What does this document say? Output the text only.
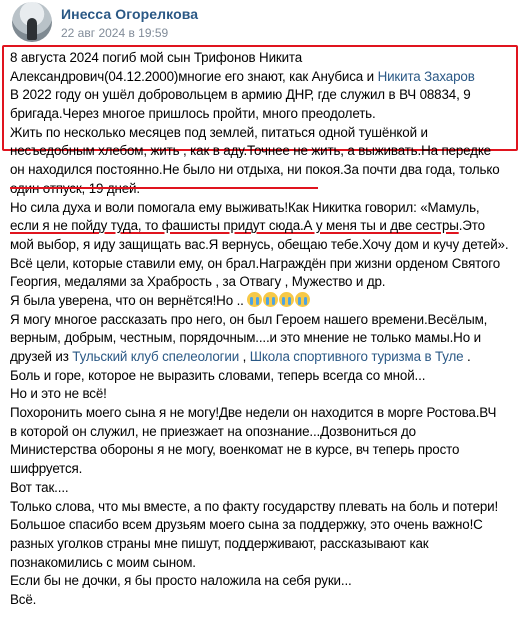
Инесса Огорелкова
22 авг 2024 в 19:59
8 августа 2024 погиб мой сын Трифонов Никита
Александрович(04.12.2000)многие его знают, как Анубиса и Никита Захаров
В 2022 году он ушёл добровольцем в армию ДНР, где служил в ВЧ 08834, 9
бригада.Через многое пришлось пройти, много преодолеть.
Жить по несколько месяцев под землей, питаться одной тушёнкой и
несъедобным хлебом, жить , как в аду.Точнее не жить, а выживать.На передке
он находился постоянно.Не было ни отдыха, ни покоя.За почти два года, только
Но сила духа и воли помогала ему выживать!Как Никитка говорил: «Мамуль,
если я не пойду туда, то фашисты придут сюда.А у меня ты и две сестры.Это
мой выбор, я иду защищать вас.Я вернусь, обещаю тебе.Хочу дом и кучу детей».
Всё цели, которые ставили ему, он брал.Награждён при жизни орденом Святого
Георгия, медалями за Храбрость , за Отвагу , Мужество и др.
Я была уверена, что он вернётся!Но ..
Я могу многое рассказать про него, он был Героем нашего времени.Весёлым,
верным, добрым, честным, порядочным....и это мнение не только мамы.Но и
друзей из Тульский клуб спелеологии , Школа спортивного туризма в Туле .
Боль и горе, которое не выразить словами, теперь всегда со мной...
Но и это не всё!
Похоронить моего сына я не могу!Две недели он находится в морге Ростова.ВЧ
в которой он служил, не приезжает на опознание...Дозвониться до
Министерства обороны я не могу, военкомат не в курсе, вч теперь просто
шифруется.
Вот так....
Только слова, что мы вместе, а по факту государству плевать на боль и потери!
Большое спасибо всем друзьям моего сына за поддержку, это очень важно!С
разных уголков страны мне пишут, поддерживают, рассказывают как
познакомились с моим сыном.
Если бы не дочки, я бы просто наложила на себя руки...
Всё.
